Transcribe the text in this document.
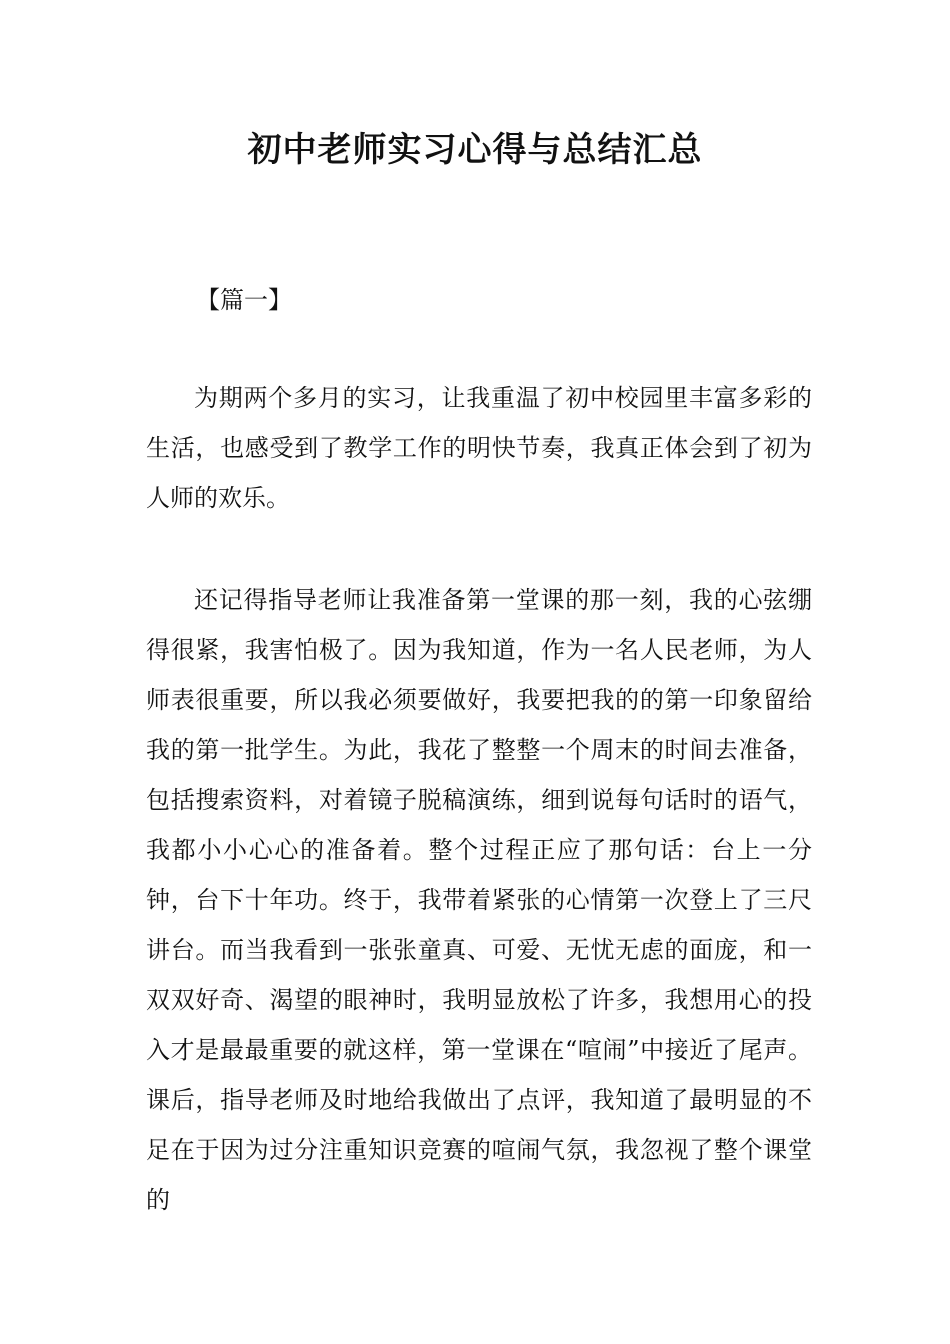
初中老师实习心得与总结汇总

【篇一】

为期两个多月的实习，让我重温了初中校园里丰富多彩的生活，也感受到了教学工作的明快节奏，我真正体会到了初为人师的欢乐。

还记得指导老师让我准备第一堂课的那一刻，我的心弦绷得很紧，我害怕极了。因为我知道，作为一名人民老师，为人师表很重要，所以我必须要做好，我要把我的的第一印象留给我的第一批学生。为此，我花了整整一个周末的时间去准备，包括搜索资料，对着镜子脱稿演练，细到说每句话时的语气，我都小小心心的准备着。整个过程正应了那句话：台上一分钟，台下十年功。终于，我带着紧张的心情第一次登上了三尺讲台。而当我看到一张张童真、可爱、无忧无虑的面庞，和一双双好奇、渴望的眼神时，我明显放松了许多，我想用心的投入才是最最重要的就这样，第一堂课在“喧闹”中接近了尾声。课后，指导老师及时地给我做出了点评，我知道了最明显的不足在于因为过分注重知识竞赛的喧闹气氛，我忽视了整个课堂的
